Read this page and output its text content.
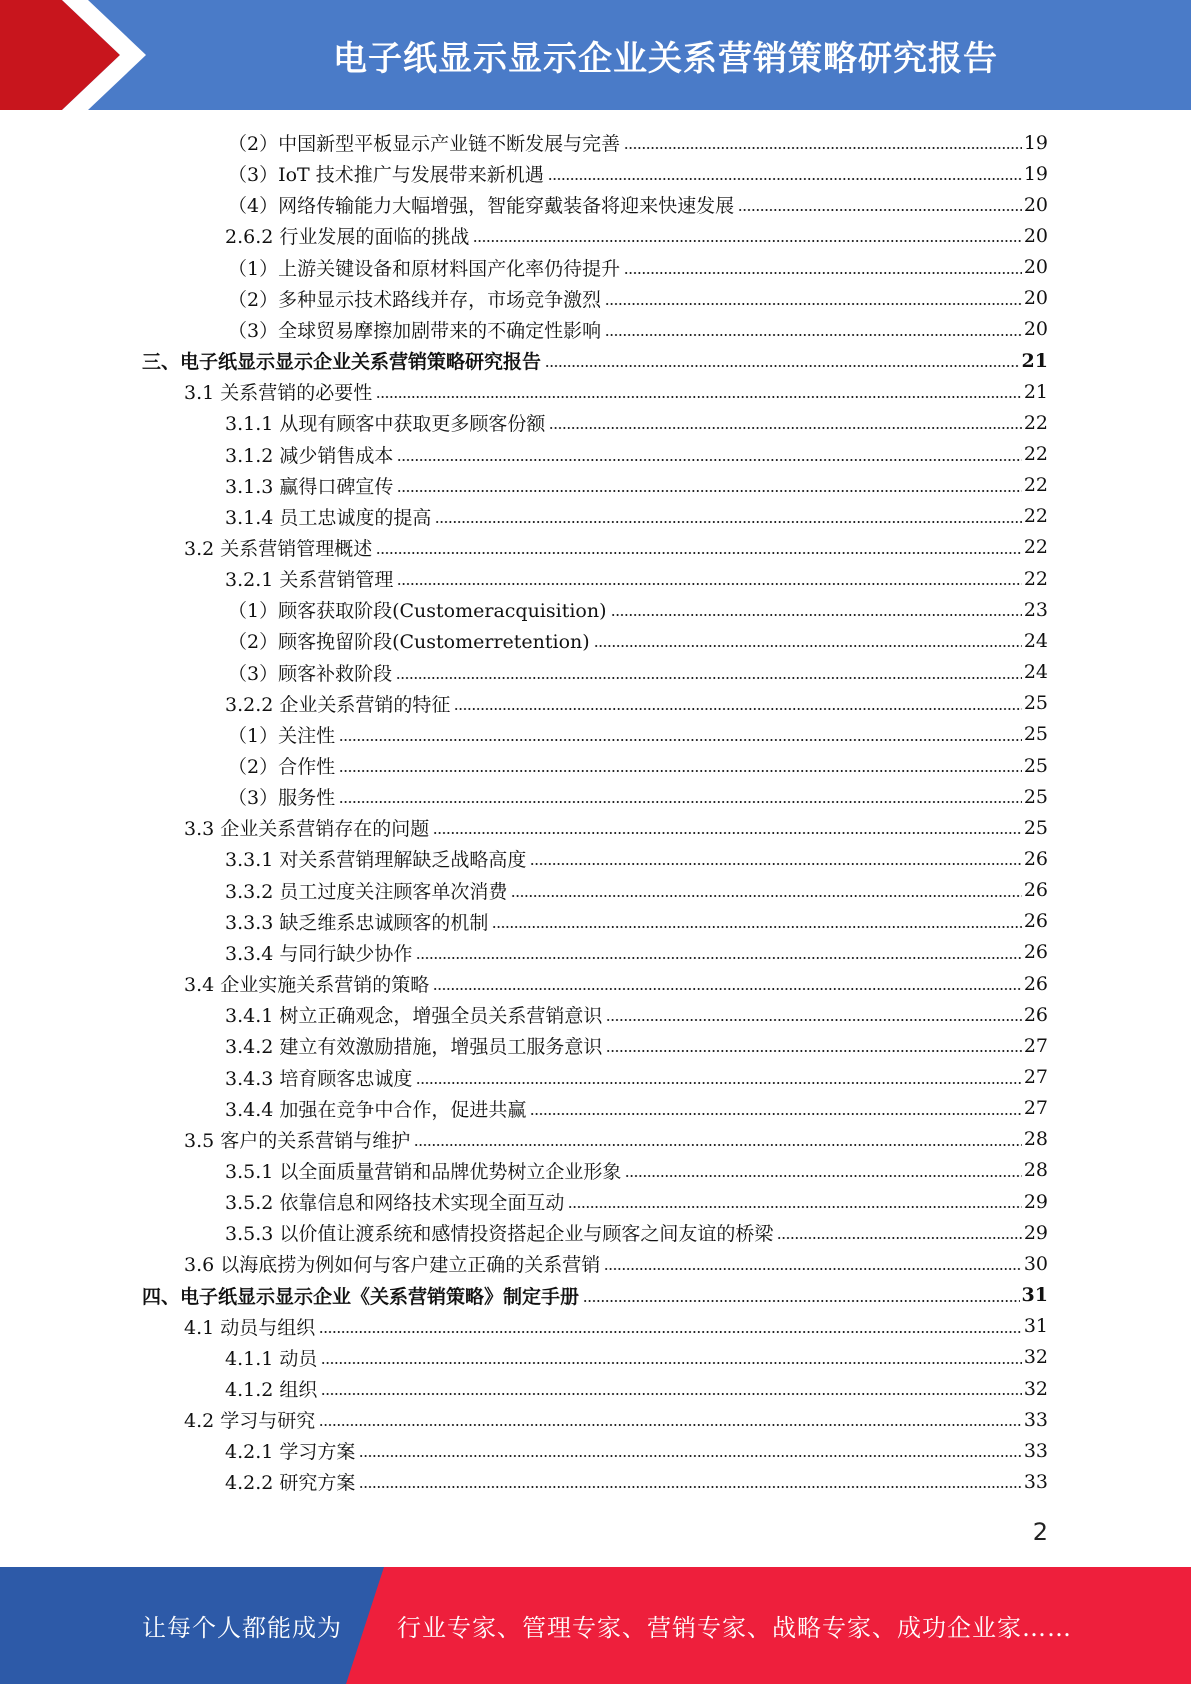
电子纸显示显示企业关系营销策略研究报告
（2）中国新型平板显示产业链不断发展与完善	19
（3）IoT 技术推广与发展带来新机遇	19
（4）网络传输能力大幅增强，智能穿戴装备将迎来快速发展	20
2.6.2 行业发展的面临的挑战	20
（1）上游关键设备和原材料国产化率仍待提升	20
（2）多种显示技术路线并存，市场竞争激烈	20
（3）全球贸易摩擦加剧带来的不确定性影响	20
三、电子纸显示显示企业关系营销策略研究报告	21
3.1 关系营销的必要性	21
3.1.1 从现有顾客中获取更多顾客份额	22
3.1.2 减少销售成本	22
3.1.3 赢得口碑宣传	22
3.1.4 员工忠诚度的提高	22
3.2 关系营销管理概述	22
3.2.1 关系营销管理	22
（1）顾客获取阶段(Customeracquisition)	23
（2）顾客挽留阶段(Customerretention)	24
（3）顾客补救阶段	24
3.2.2 企业关系营销的特征	25
（1）关注性	25
（2）合作性	25
（3）服务性	25
3.3 企业关系营销存在的问题	25
3.3.1 对关系营销理解缺乏战略高度	26
3.3.2 员工过度关注顾客单次消费	26
3.3.3 缺乏维系忠诚顾客的机制	26
3.3.4 与同行缺少协作	26
3.4 企业实施关系营销的策略	26
3.4.1 树立正确观念，增强全员关系营销意识	26
3.4.2 建立有效激励措施，增强员工服务意识	27
3.4.3 培育顾客忠诚度	27
3.4.4 加强在竞争中合作，促进共赢	27
3.5 客户的关系营销与维护	28
3.5.1 以全面质量营销和品牌优势树立企业形象	28
3.5.2 依靠信息和网络技术实现全面互动	29
3.5.3 以价值让渡系统和感情投资搭起企业与顾客之间友谊的桥梁	29
3.6 以海底捞为例如何与客户建立正确的关系营销	30
四、电子纸显示显示企业《关系营销策略》制定手册	31
4.1 动员与组织	31
4.1.1 动员	32
4.1.2 组织	32
4.2 学习与研究	33
4.2.1 学习方案	33
4.2.2 研究方案	33
2
让每个人都能成为 行业专家、管理专家、营销专家、战略专家、成功企业家……
